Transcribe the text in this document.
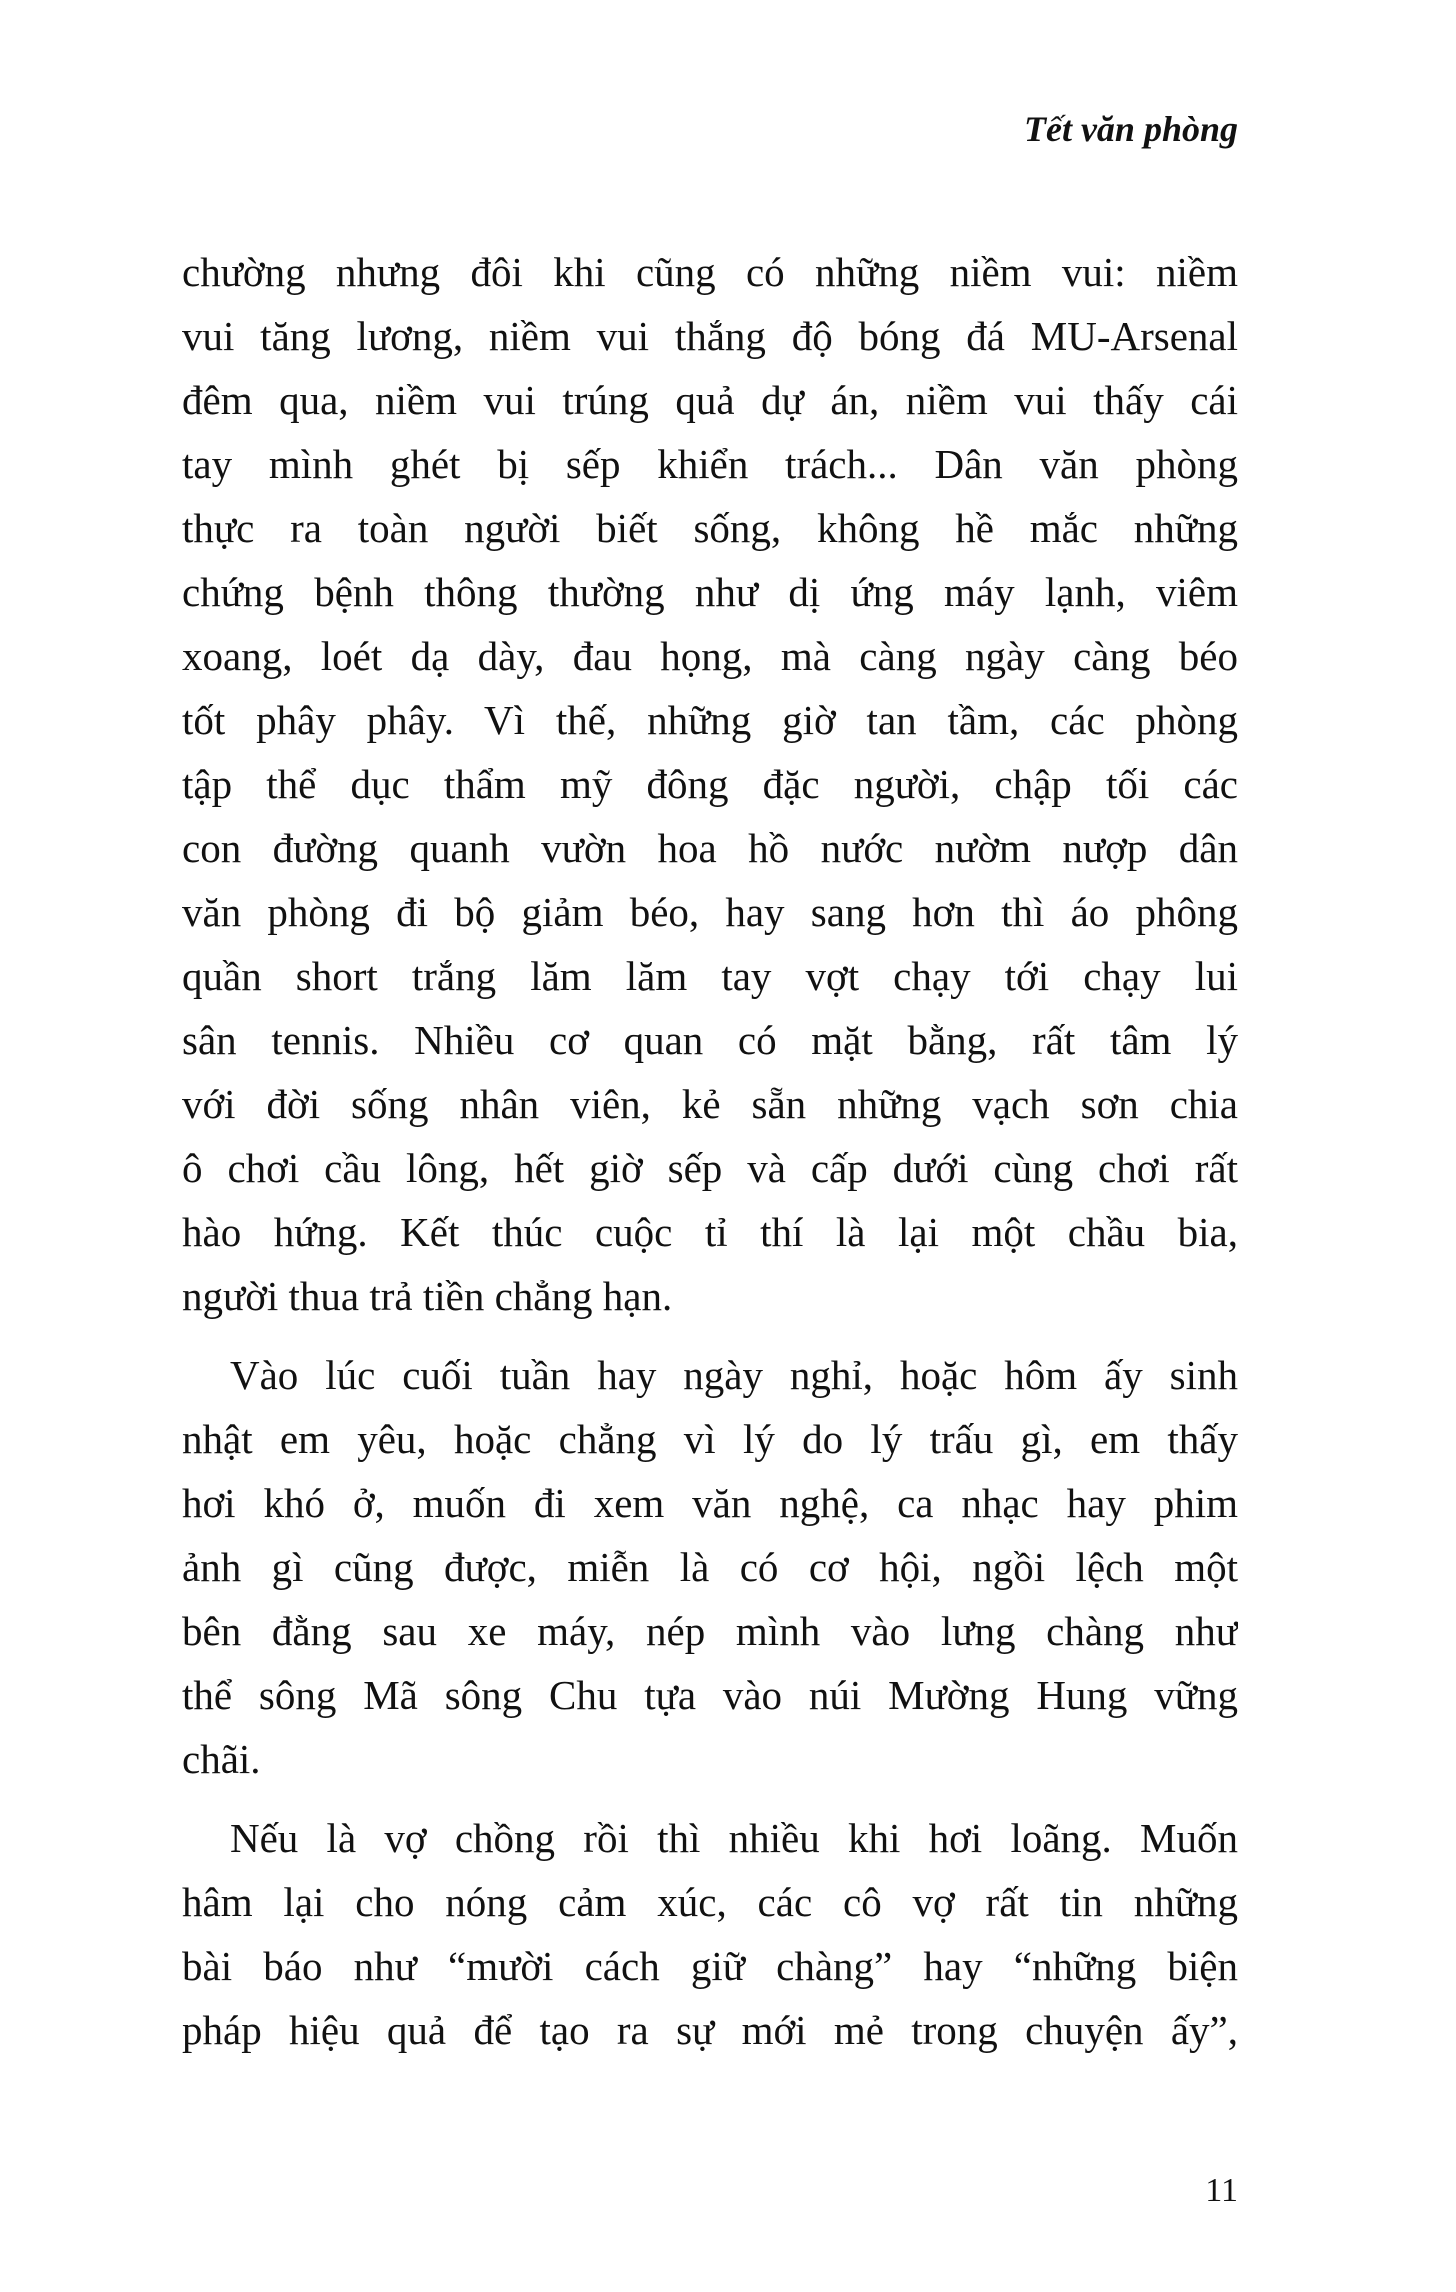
Tết văn phòng
chường nhưng đôi khi cũng có những niềm vui: niềm
vui tăng lương, niềm vui thắng độ bóng đá MU-Arsenal
đêm qua, niềm vui trúng quả dự án, niềm vui thấy cái
tay mình ghét bị sếp khiển trách... Dân văn phòng
thực ra toàn người biết sống, không hề mắc những
chứng bệnh thông thường như dị ứng máy lạnh, viêm
xoang, loét dạ dày, đau họng, mà càng ngày càng béo
tốt phây phây. Vì thế, những giờ tan tầm, các phòng
tập thể dục thẩm mỹ đông đặc người, chập tối các
con đường quanh vườn hoa hồ nước nườm nượp dân
văn phòng đi bộ giảm béo, hay sang hơn thì áo phông
quần short trắng lăm lăm tay vợt chạy tới chạy lui
sân tennis. Nhiều cơ quan có mặt bằng, rất tâm lý
với đời sống nhân viên, kẻ sẵn những vạch sơn chia
ô chơi cầu lông, hết giờ sếp và cấp dưới cùng chơi rất
hào hứng. Kết thúc cuộc tỉ thí là lại một chầu bia,
người thua trả tiền chẳng hạn.
Vào lúc cuối tuần hay ngày nghỉ, hoặc hôm ấy sinh
nhật em yêu, hoặc chẳng vì lý do lý trấu gì, em thấy
hơi khó ở, muốn đi xem văn nghệ, ca nhạc hay phim
ảnh gì cũng được, miễn là có cơ hội, ngồi lệch một
bên đằng sau xe máy, nép mình vào lưng chàng như
thể sông Mã sông Chu tựa vào núi Mường Hung vững
chãi.
Nếu là vợ chồng rồi thì nhiều khi hơi loãng. Muốn
hâm lại cho nóng cảm xúc, các cô vợ rất tin những
bài báo như “mười cách giữ chàng” hay “những biện
pháp hiệu quả để tạo ra sự mới mẻ trong chuyện ấy”,
11
